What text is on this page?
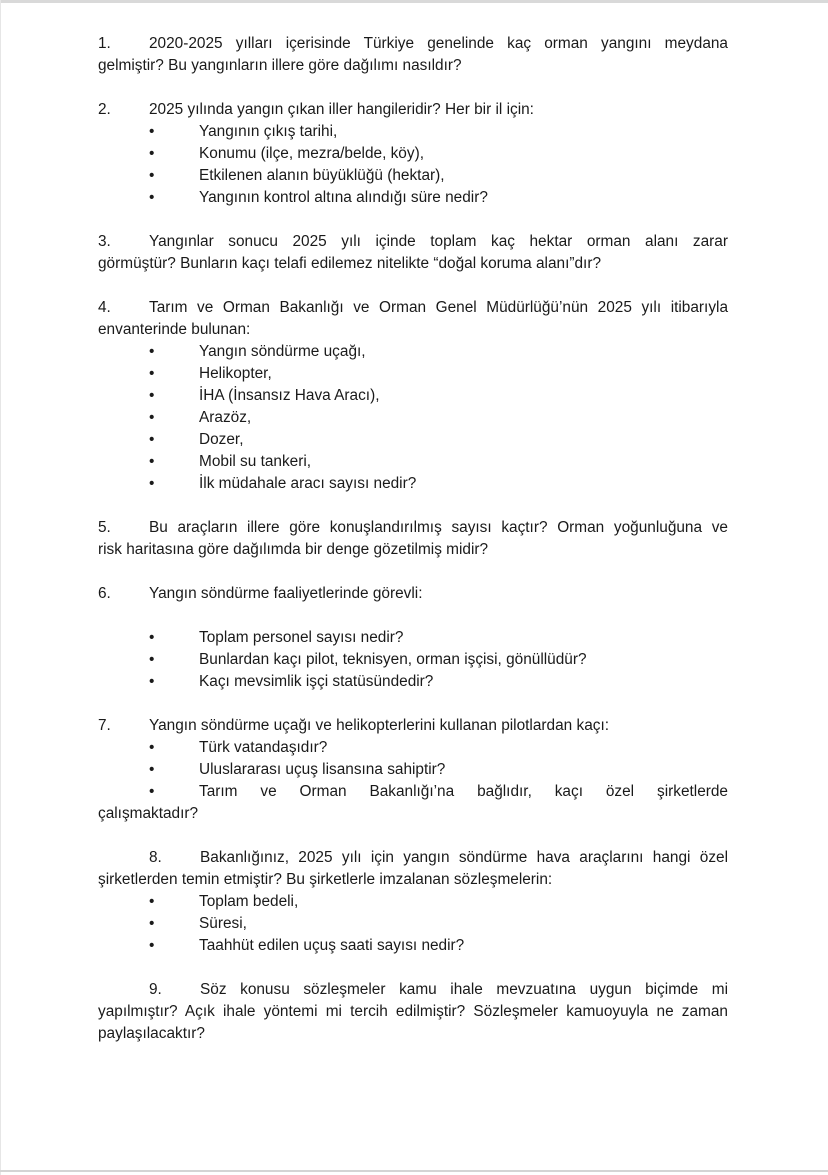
1. 2020-2025 yılları içerisinde Türkiye genelinde kaç orman yangını meydana
gelmiştir? Bu yangınların illere göre dağılımı nasıldır?
2. 2025 yılında yangın çıkan iller hangileridir? Her bir il için:
•	Yangının çıkış tarihi,
•	Konumu (ilçe, mezra/belde, köy),
•	Etkilenen alanın büyüklüğü (hektar),
•	Yangının kontrol altına alındığı süre nedir?
3. Yangınlar sonucu 2025 yılı içinde toplam kaç hektar orman alanı zarar
görmüştür? Bunların kaçı telafi edilemez nitelikte “doğal koruma alanı”dır?
4. Tarım ve Orman Bakanlığı ve Orman Genel Müdürlüğü’nün 2025 yılı itibarıyla
envanterinde bulunan:
•	Yangın söndürme uçağı,
•	Helikopter,
•	İHA (İnsansız Hava Aracı),
•	Arazöz,
•	Dozer,
•	Mobil su tankeri,
•	İlk müdahale aracı sayısı nedir?
5. Bu araçların illere göre konuşlandırılmış sayısı kaçtır? Orman yoğunluğuna ve
risk haritasına göre dağılımda bir denge gözetilmiş midir?
6. Yangın söndürme faaliyetlerinde görevli:
•	Toplam personel sayısı nedir?
•	Bunlardan kaçı pilot, teknisyen, orman işçisi, gönüllüdür?
•	Kaçı mevsimlik işçi statüsündedir?
7. Yangın söndürme uçağı ve helikopterlerini kullanan pilotlardan kaçı:
•	Türk vatandaşıdır?
•	Uluslararası uçuş lisansına sahiptir?
•	Tarım ve Orman Bakanlığı’na bağlıdır, kaçı özel şirketlerde
çalışmaktadır?
8. Bakanlığınız, 2025 yılı için yangın söndürme hava araçlarını hangi özel
şirketlerden temin etmiştir? Bu şirketlerle imzalanan sözleşmelerin:
•	Toplam bedeli,
•	Süresi,
•	Taahhüt edilen uçuş saati sayısı nedir?
9. Söz konusu sözleşmeler kamu ihale mevzuatına uygun biçimde mi
yapılmıştır? Açık ihale yöntemi mi tercih edilmiştir? Sözleşmeler kamuoyuyla ne zaman
paylaşılacaktır?
